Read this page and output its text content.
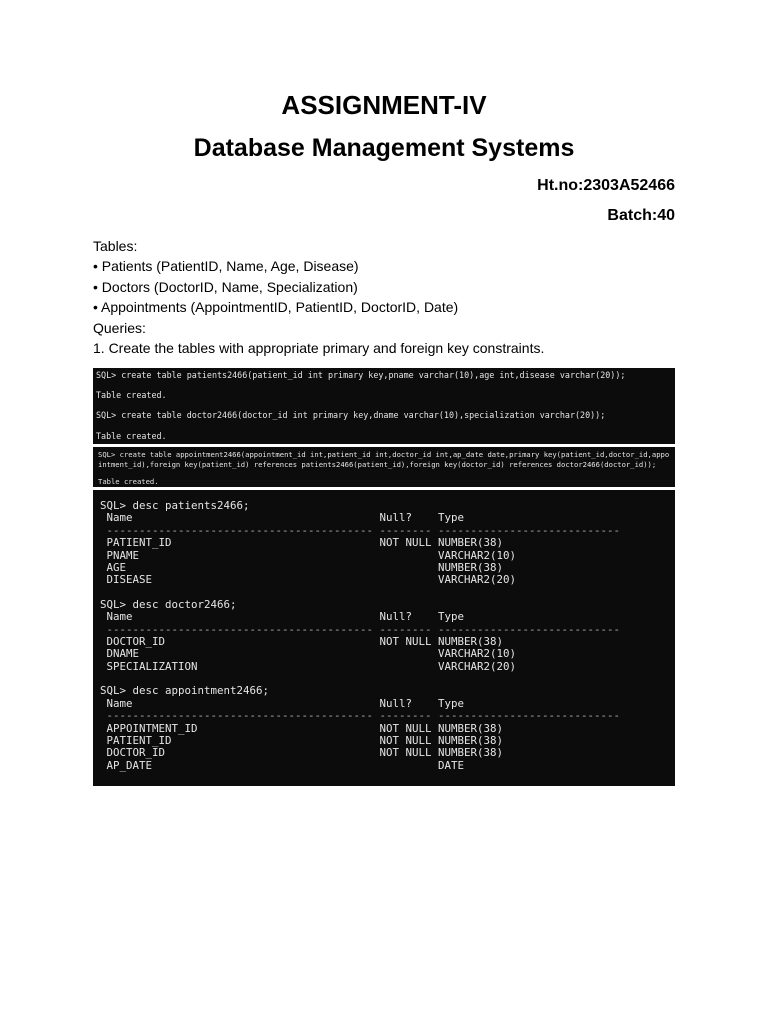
ASSIGNMENT-IV
Database Management Systems
Ht.no:2303A52466
Batch:40
Tables:
• Patients (PatientID, Name, Age, Disease)
• Doctors (DoctorID, Name, Specialization)
• Appointments (AppointmentID, PatientID, DoctorID, Date)
Queries:
1. Create the tables with appropriate primary and foreign key constraints.
SQL> create table patients2466(patient_id int primary key,pname varchar(10),age int,disease varchar(20));
Table created.
SQL> create table doctor2466(doctor_id int primary key,dname varchar(10),specialization varchar(20));
Table created.
SQL> create table appointment2466(appointment_id int,patient_id int,doctor_id int,ap_date date,primary key(patient_id,doctor_id,appointment_id),foreign key(patient_id) references patients2466(patient_id),foreign key(doctor_id) references doctor2466(doctor_id));
Table created.
SQL> desc patients2466;
Name                                      Null?    Type
----------------------------------------- -------- ----------------------------
PATIENT_ID                                NOT NULL NUMBER(38)
PNAME                                              VARCHAR2(10)
AGE                                                NUMBER(38)
DISEASE                                            VARCHAR2(20)
SQL> desc doctor2466;
Name                                      Null?    Type
----------------------------------------- -------- ----------------------------
DOCTOR_ID                                 NOT NULL NUMBER(38)
DNAME                                              VARCHAR2(10)
SPECIALIZATION                                     VARCHAR2(20)
SQL> desc appointment2466;
Name                                      Null?    Type
----------------------------------------- -------- ----------------------------
APPOINTMENT_ID                            NOT NULL NUMBER(38)
PATIENT_ID                                NOT NULL NUMBER(38)
DOCTOR_ID                                 NOT NULL NUMBER(38)
AP_DATE                                            DATE
